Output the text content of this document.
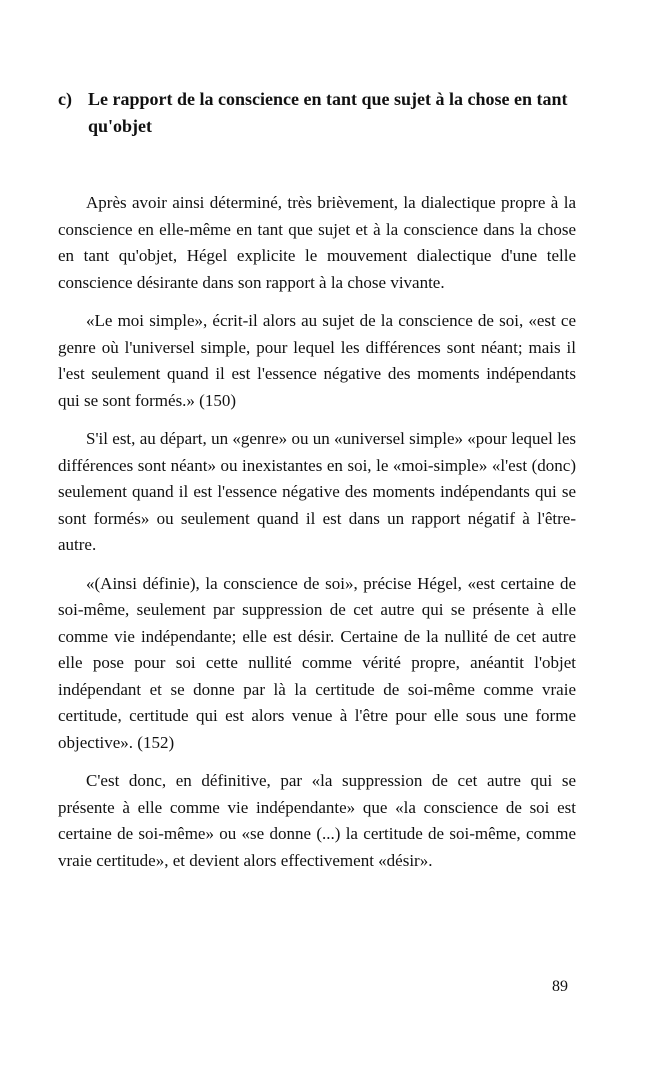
c) Le rapport de la conscience en tant que sujet à la chose en tant qu'objet

Après avoir ainsi déterminé, très brièvement, la dialectique propre à la conscience en elle-même en tant que sujet et à la conscience dans la chose en tant qu'objet, Hégel explicite le mouvement dialectique d'une telle conscience désirante dans son rapport à la chose vivante.

«Le moi simple», écrit-il alors au sujet de la conscience de soi, «est ce genre où l'universel simple, pour lequel les différences sont néant; mais il l'est seulement quand il est l'essence négative des moments indépendants qui se sont formés.» (150)

S'il est, au départ, un «genre» ou un «universel simple» «pour lequel les différences sont néant» ou inexistantes en soi, le «moi-simple» «l'est (donc) seulement quand il est l'essence négative des moments indépendants qui se sont formés» ou seulement quand il est dans un rapport négatif à l'être-autre.

«(Ainsi définie), la conscience de soi», précise Hégel, «est certaine de soi-même, seulement par suppression de cet autre qui se présente à elle comme vie indépendante; elle est désir. Certaine de la nullité de cet autre elle pose pour soi cette nullité comme vérité propre, anéantit l'objet indépendant et se donne par là la certitude de soi-même comme vraie certitude, certitude qui est alors venue à l'être pour elle sous une forme objective». (152)

C'est donc, en définitive, par «la suppression de cet autre qui se présente à elle comme vie indépendante» que «la conscience de soi est certaine de soi-même» ou «se donne (...) la certitude de soi-même, comme vraie certitude», et devient alors effectivement «désir».

89
